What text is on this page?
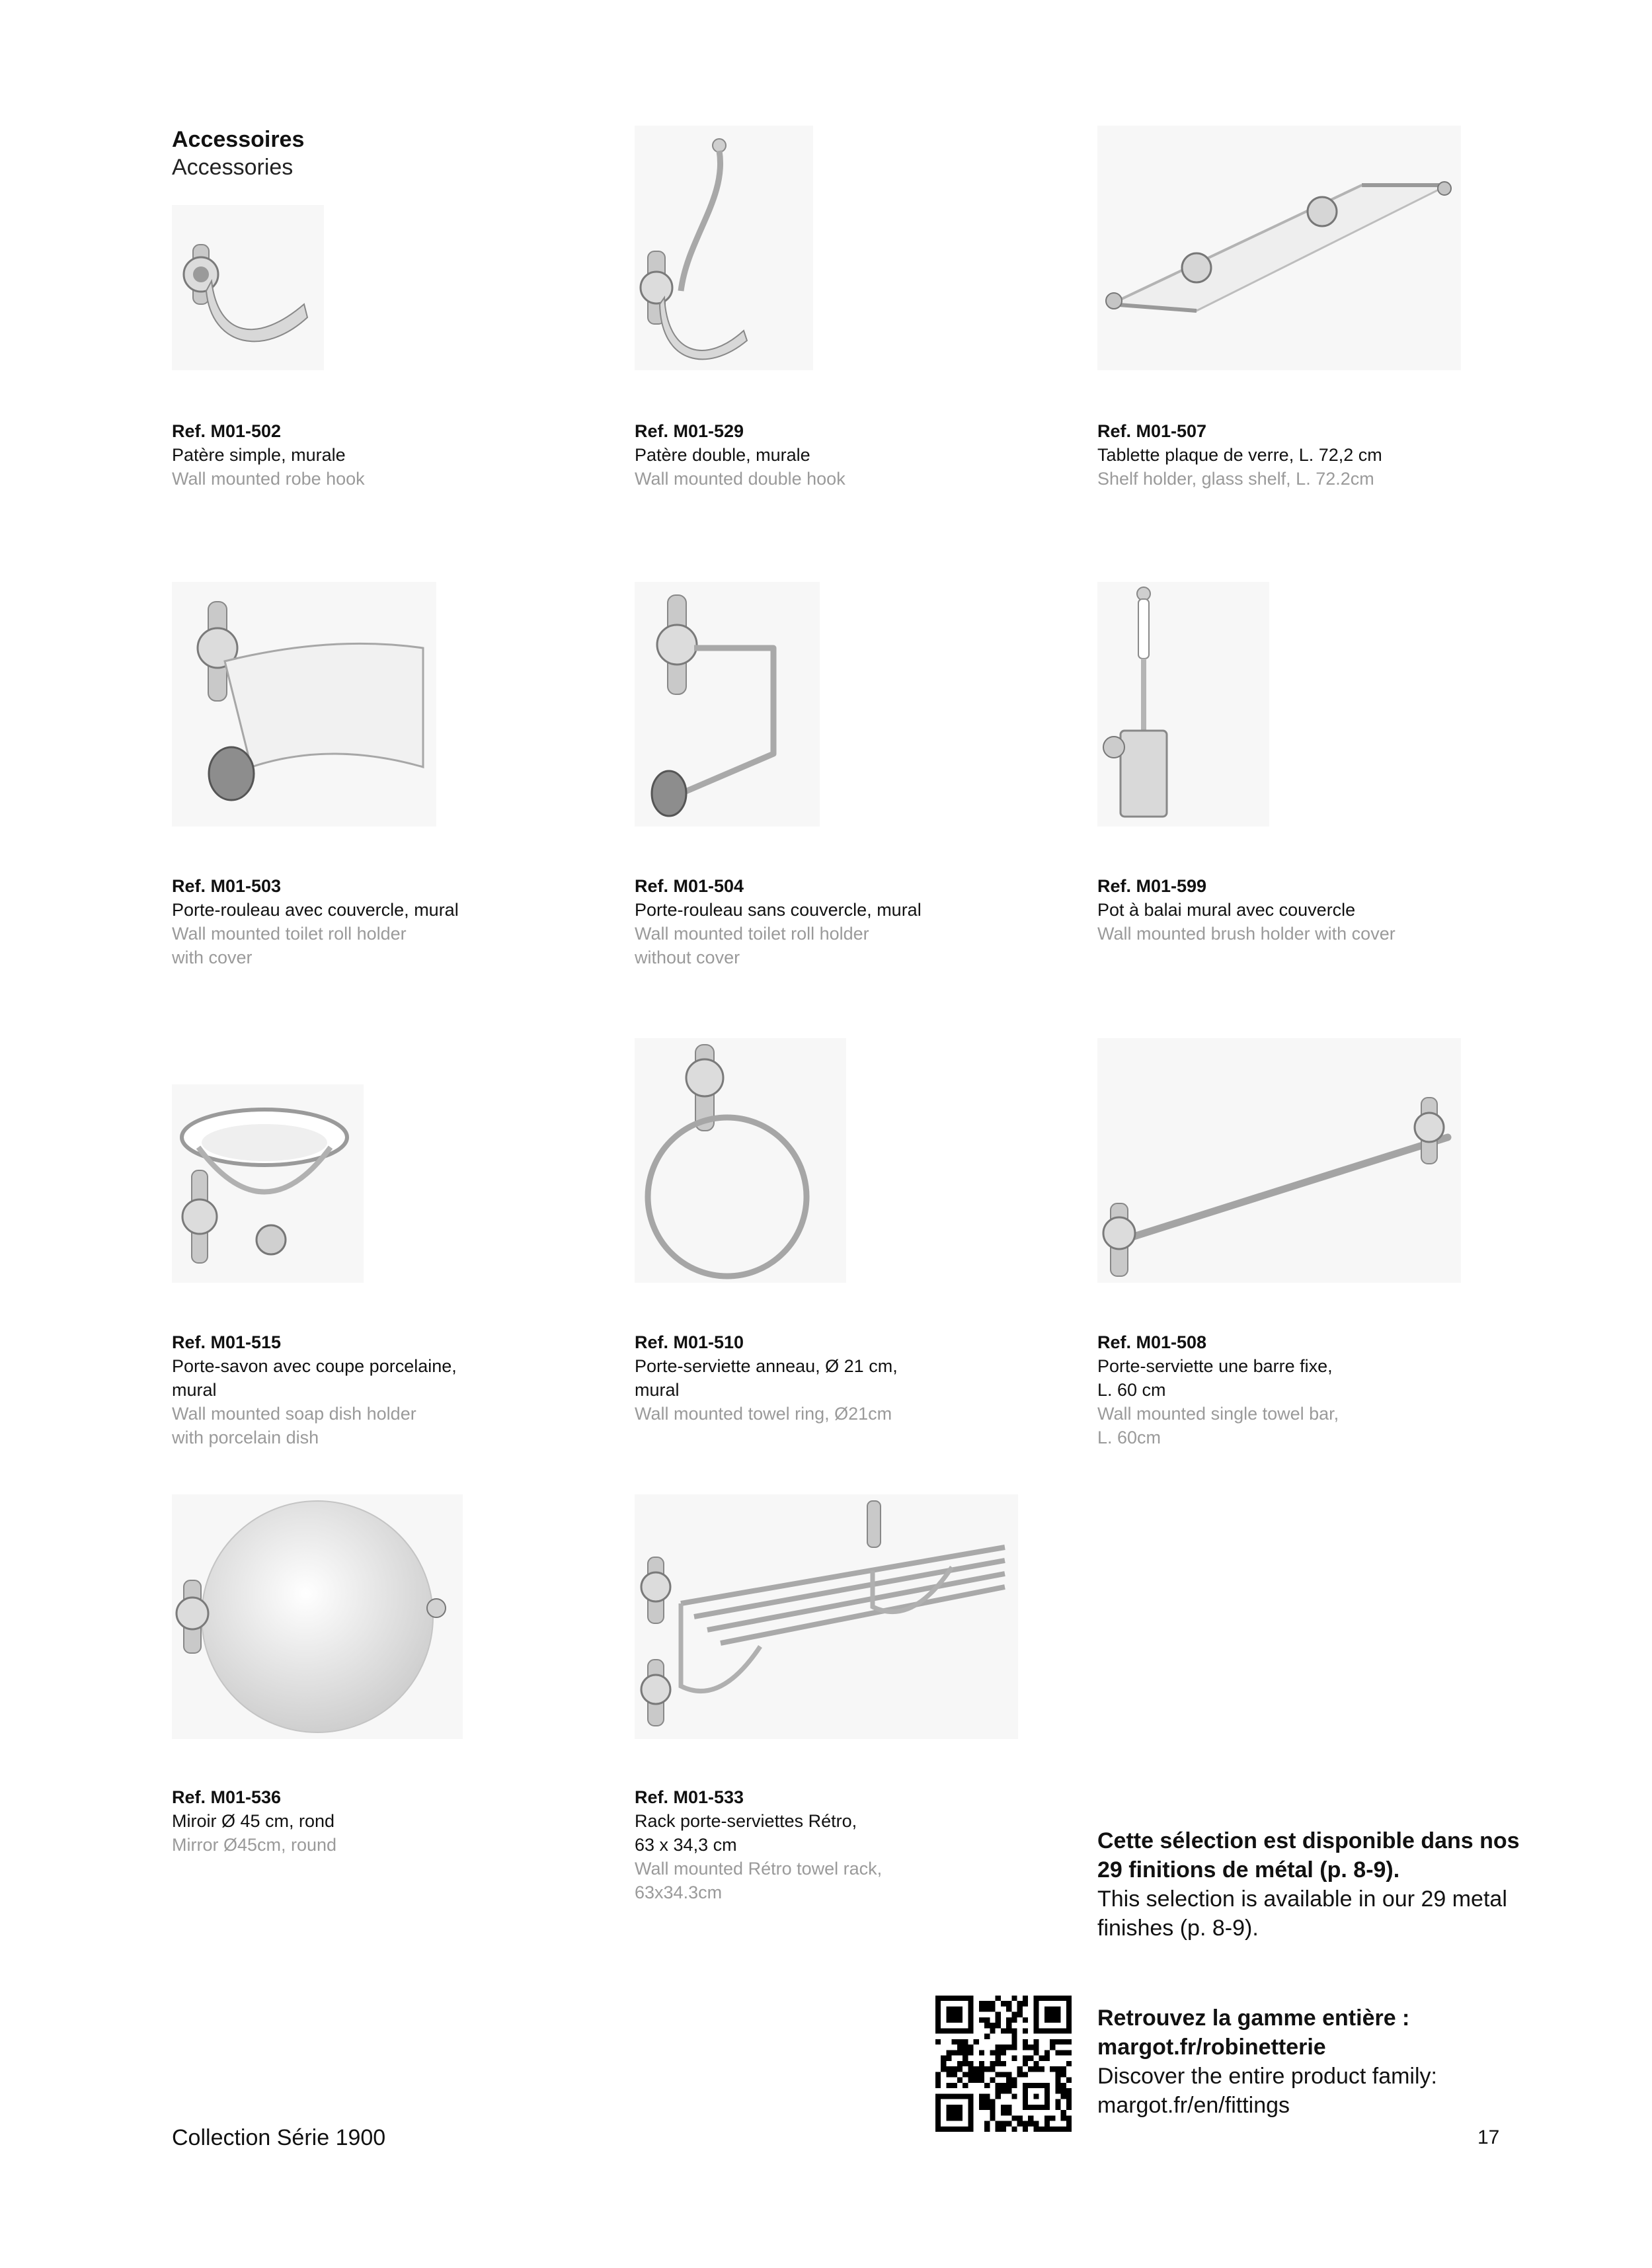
Accessoires
Accessories
Ref. M01-502
Patère simple, murale
Wall mounted robe hook
Ref. M01-529
Patère double, murale
Wall mounted double hook
Ref. M01-507
Tablette plaque de verre, L. 72,2 cm
Shelf holder, glass shelf, L. 72.2cm
Ref. M01-503
Porte-rouleau avec couvercle, mural
Wall mounted toilet roll holder
with cover
Ref. M01-504
Porte-rouleau sans couvercle, mural
Wall mounted toilet roll holder
without cover
Ref. M01-599
Pot à balai mural avec couvercle
Wall mounted brush holder with cover
Ref. M01-515
Porte-savon avec coupe porcelaine,
mural
Wall mounted soap dish holder
with porcelain dish
Ref. M01-510
Porte-serviette anneau, Ø 21 cm,
mural
Wall mounted towel ring, Ø21cm
Ref. M01-508
Porte-serviette une barre fixe,
L. 60 cm
Wall mounted single towel bar,
L. 60cm
Ref. M01-536
Miroir Ø 45 cm, rond
Mirror Ø45cm, round
Ref. M01-533
Rack porte-serviettes Rétro,
63 x 34,3 cm
Wall mounted Rétro towel rack,
63x34.3cm
Cette sélection est disponible dans nos 29 finitions de métal (p. 8-9).
This selection is available in our 29 metal finishes (p. 8-9).
Retrouvez la gamme entière :
margot.fr/robinetterie
Discover the entire product family:
margot.fr/en/fittings
Collection Série 1900	17
